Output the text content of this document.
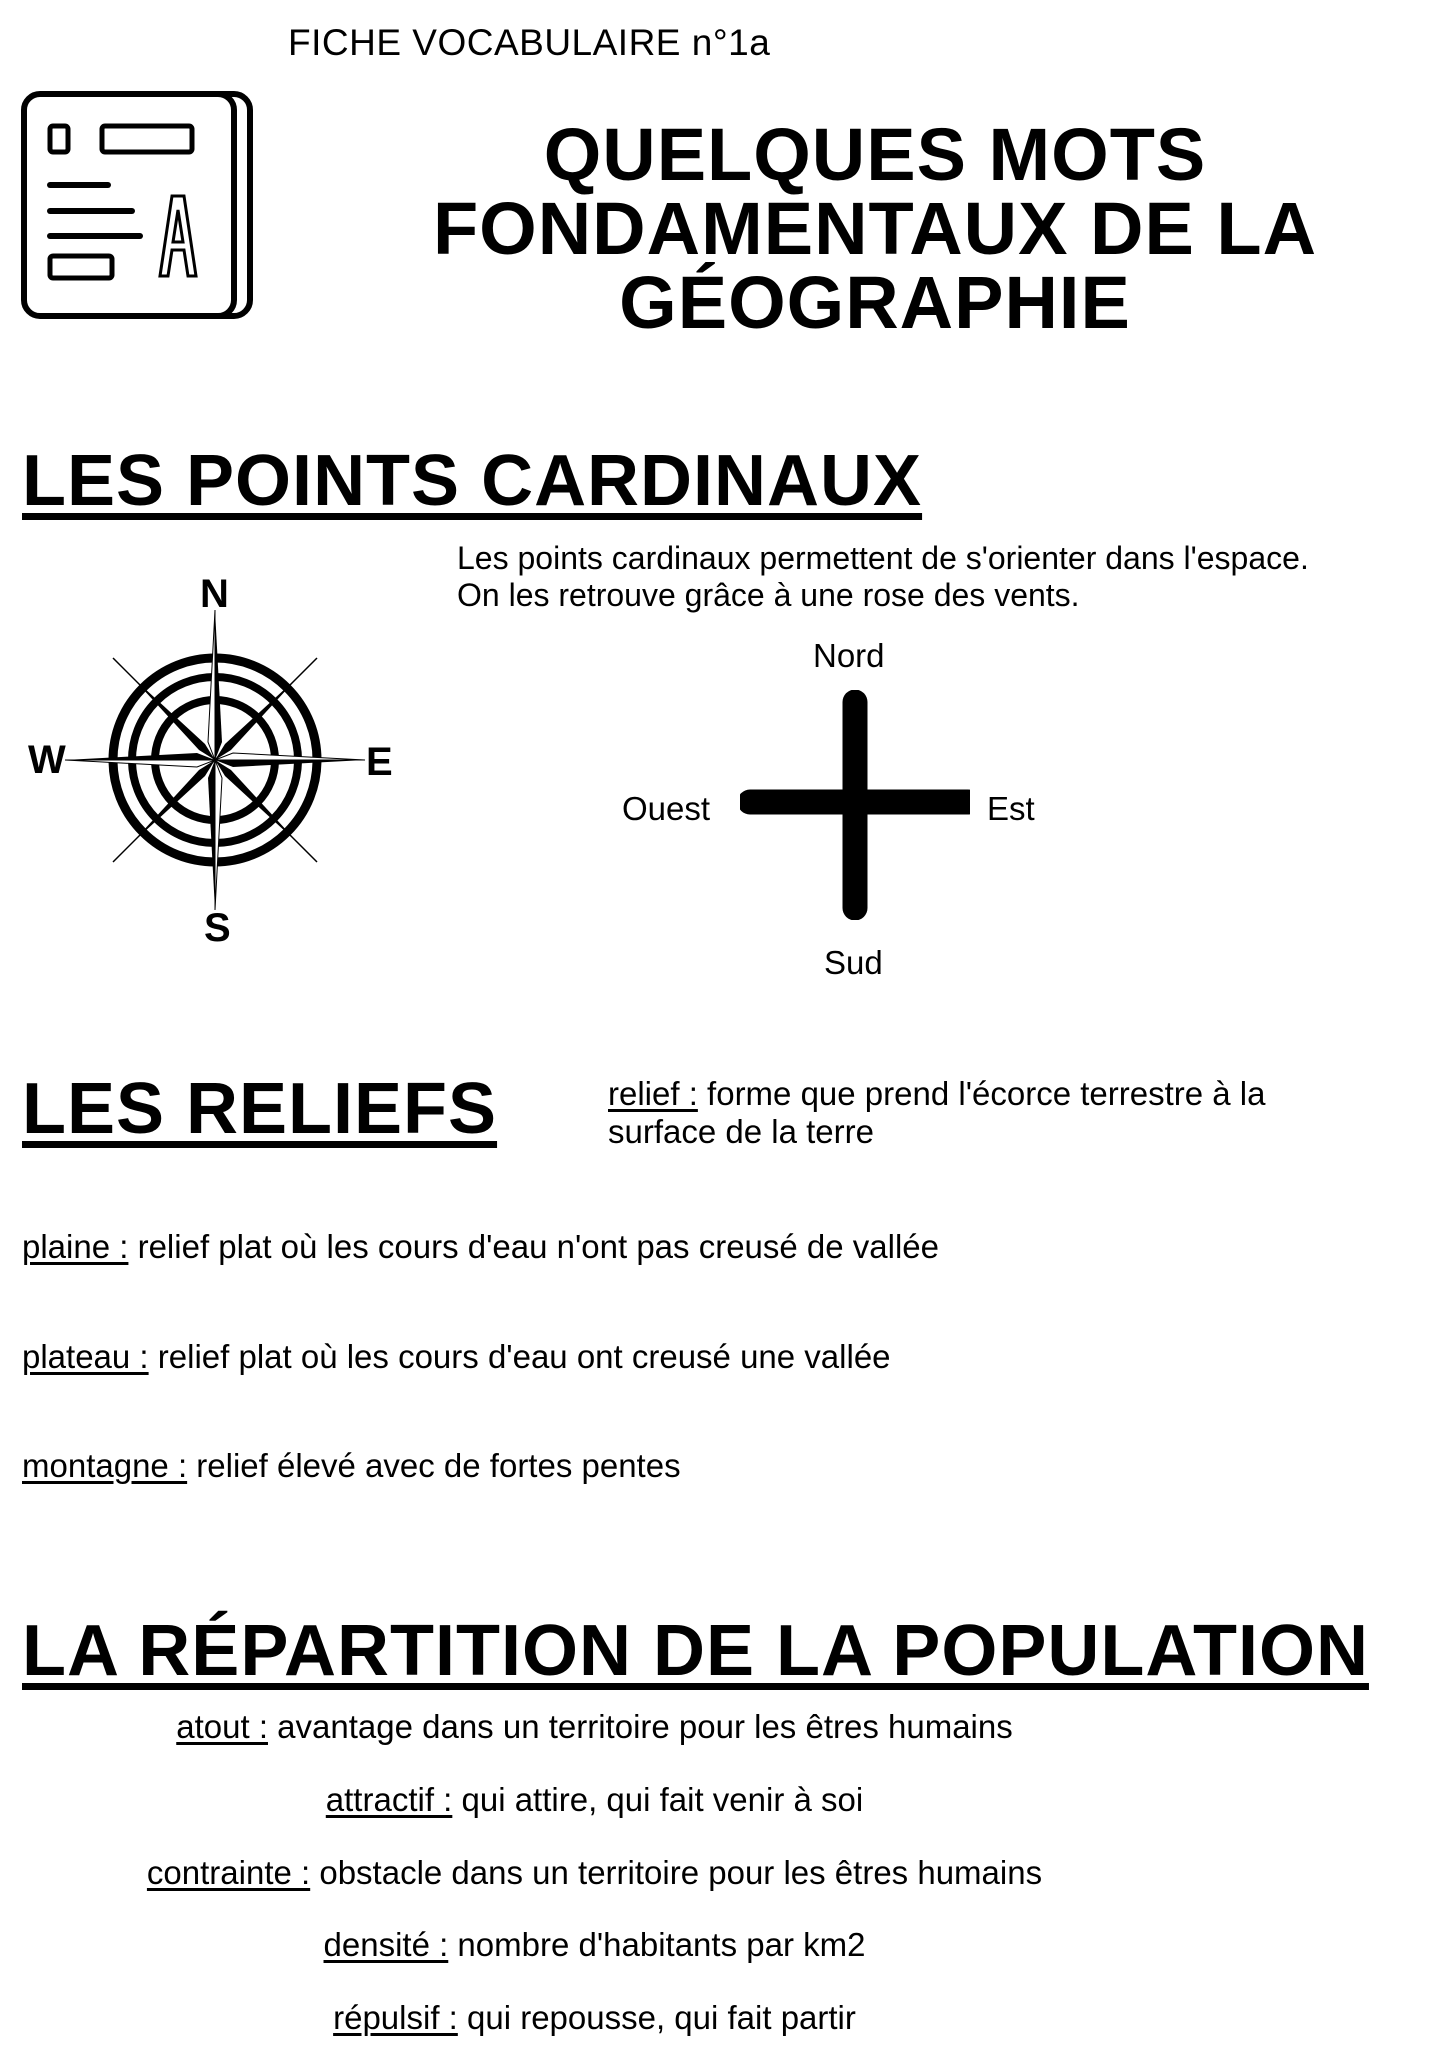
FICHE VOCABULAIRE n°1a
QUELQUES MOTS
FONDAMENTAUX DE LA
GÉOGRAPHIE
LES POINTS CARDINAUX
N
S
W	E
Les points cardinaux permettent de s'orienter dans l'espace.
On les retrouve grâce à une rose des vents.
Nord
Ouest	Est
Sud
LES RELIEFS	relief : forme que prend l'écorce terrestre à la
surface de la terre
plaine : relief plat où les cours d'eau n'ont pas creusé de vallée
plateau : relief plat où les cours d'eau ont creusé une vallée
montagne : relief élevé avec de fortes pentes
LA RÉPARTITION DE LA POPULATION
atout : avantage dans un territoire pour les êtres humains
attractif : qui attire, qui fait venir à soi
contrainte : obstacle dans un territoire pour les êtres humains
densité : nombre d'habitants par km2
répulsif : qui repousse, qui fait partir
